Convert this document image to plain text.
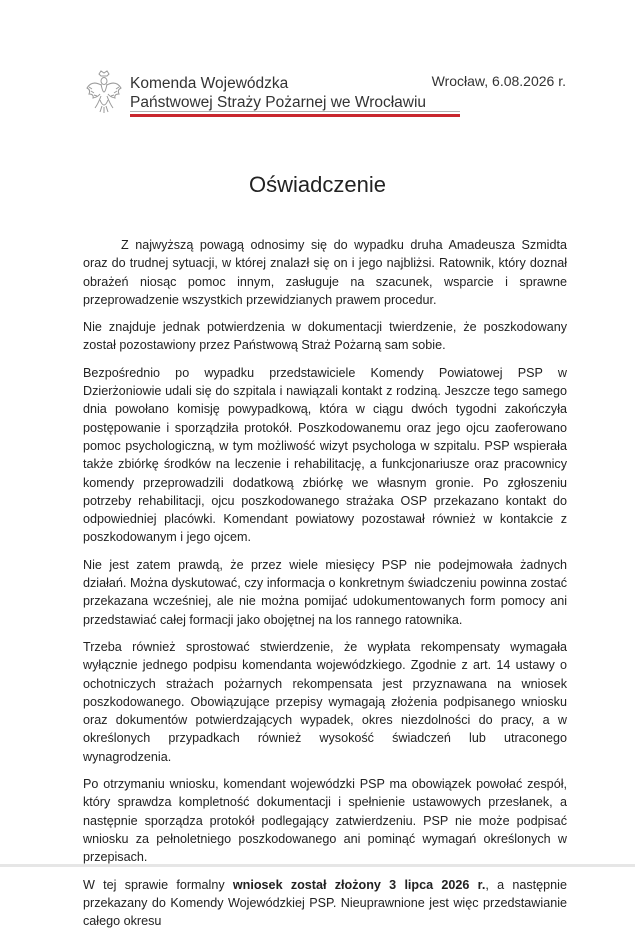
Komenda Wojewódzka
Państwowej Straży Pożarnej we Wrocławiu
Wrocław, 6.08.2026 r.
Oświadczenie

Z najwyższą powagą odnosimy się do wypadku druha Amadeusza Szmidta oraz do trudnej sytuacji, w której znalazł się on i jego najbliżsi. Ratownik, który doznał obrażeń niosąc pomoc innym, zasługuje na szacunek, wsparcie i sprawne przeprowadzenie wszystkich przewidzianych prawem procedur.

Nie znajduje jednak potwierdzenia w dokumentacji twierdzenie, że poszkodowany został pozostawiony przez Państwową Straż Pożarną sam sobie.

Bezpośrednio po wypadku przedstawiciele Komendy Powiatowej PSP w Dzierżoniowie udali się do szpitala i nawiązali kontakt z rodziną. Jeszcze tego samego dnia powołano komisję powypadkową, która w ciągu dwóch tygodni zakończyła postępowanie i sporządziła protokół. Poszkodowanemu oraz jego ojcu zaoferowano pomoc psychologiczną, w tym możliwość wizyt psychologa w szpitalu. PSP wspierała także zbiórkę środków na leczenie i rehabilitację, a funkcjonariusze oraz pracownicy komendy przeprowadzili dodatkową zbiórkę we własnym gronie. Po zgłoszeniu potrzeby rehabilitacji, ojcu poszkodowanego strażaka OSP przekazano kontakt do odpowiedniej placówki. Komendant powiatowy pozostawał również w kontakcie z poszkodowanym i jego ojcem.

Nie jest zatem prawdą, że przez wiele miesięcy PSP nie podejmowała żadnych działań. Można dyskutować, czy informacja o konkretnym świadczeniu powinna zostać przekazana wcześniej, ale nie można pomijać udokumentowanych form pomocy ani przedstawiać całej formacji jako obojętnej na los rannego ratownika.

Trzeba również sprostować stwierdzenie, że wypłata rekompensaty wymagała wyłącznie jednego podpisu komendanta wojewódzkiego. Zgodnie z art. 14 ustawy o ochotniczych strażach pożarnych rekompensata jest przyznawana na wniosek poszkodowanego. Obowiązujące przepisy wymagają złożenia podpisanego wniosku oraz dokumentów potwierdzających wypadek, okres niezdolności do pracy, a w określonych przypadkach również wysokość świadczeń lub utraconego wynagrodzenia.

Po otrzymaniu wniosku, komendant wojewódzki PSP ma obowiązek powołać zespół, który sprawdza kompletność dokumentacji i spełnienie ustawowych przesłanek, a następnie sporządza protokół podlegający zatwierdzeniu. PSP nie może podpisać wniosku za pełnoletniego poszkodowanego ani pominąć wymagań określonych w przepisach.

W tej sprawie formalny wniosek został złożony 3 lipca 2026 r., a następnie przekazany do Komendy Wojewódzkiej PSP. Nieuprawnione jest więc przedstawianie całego okresu
